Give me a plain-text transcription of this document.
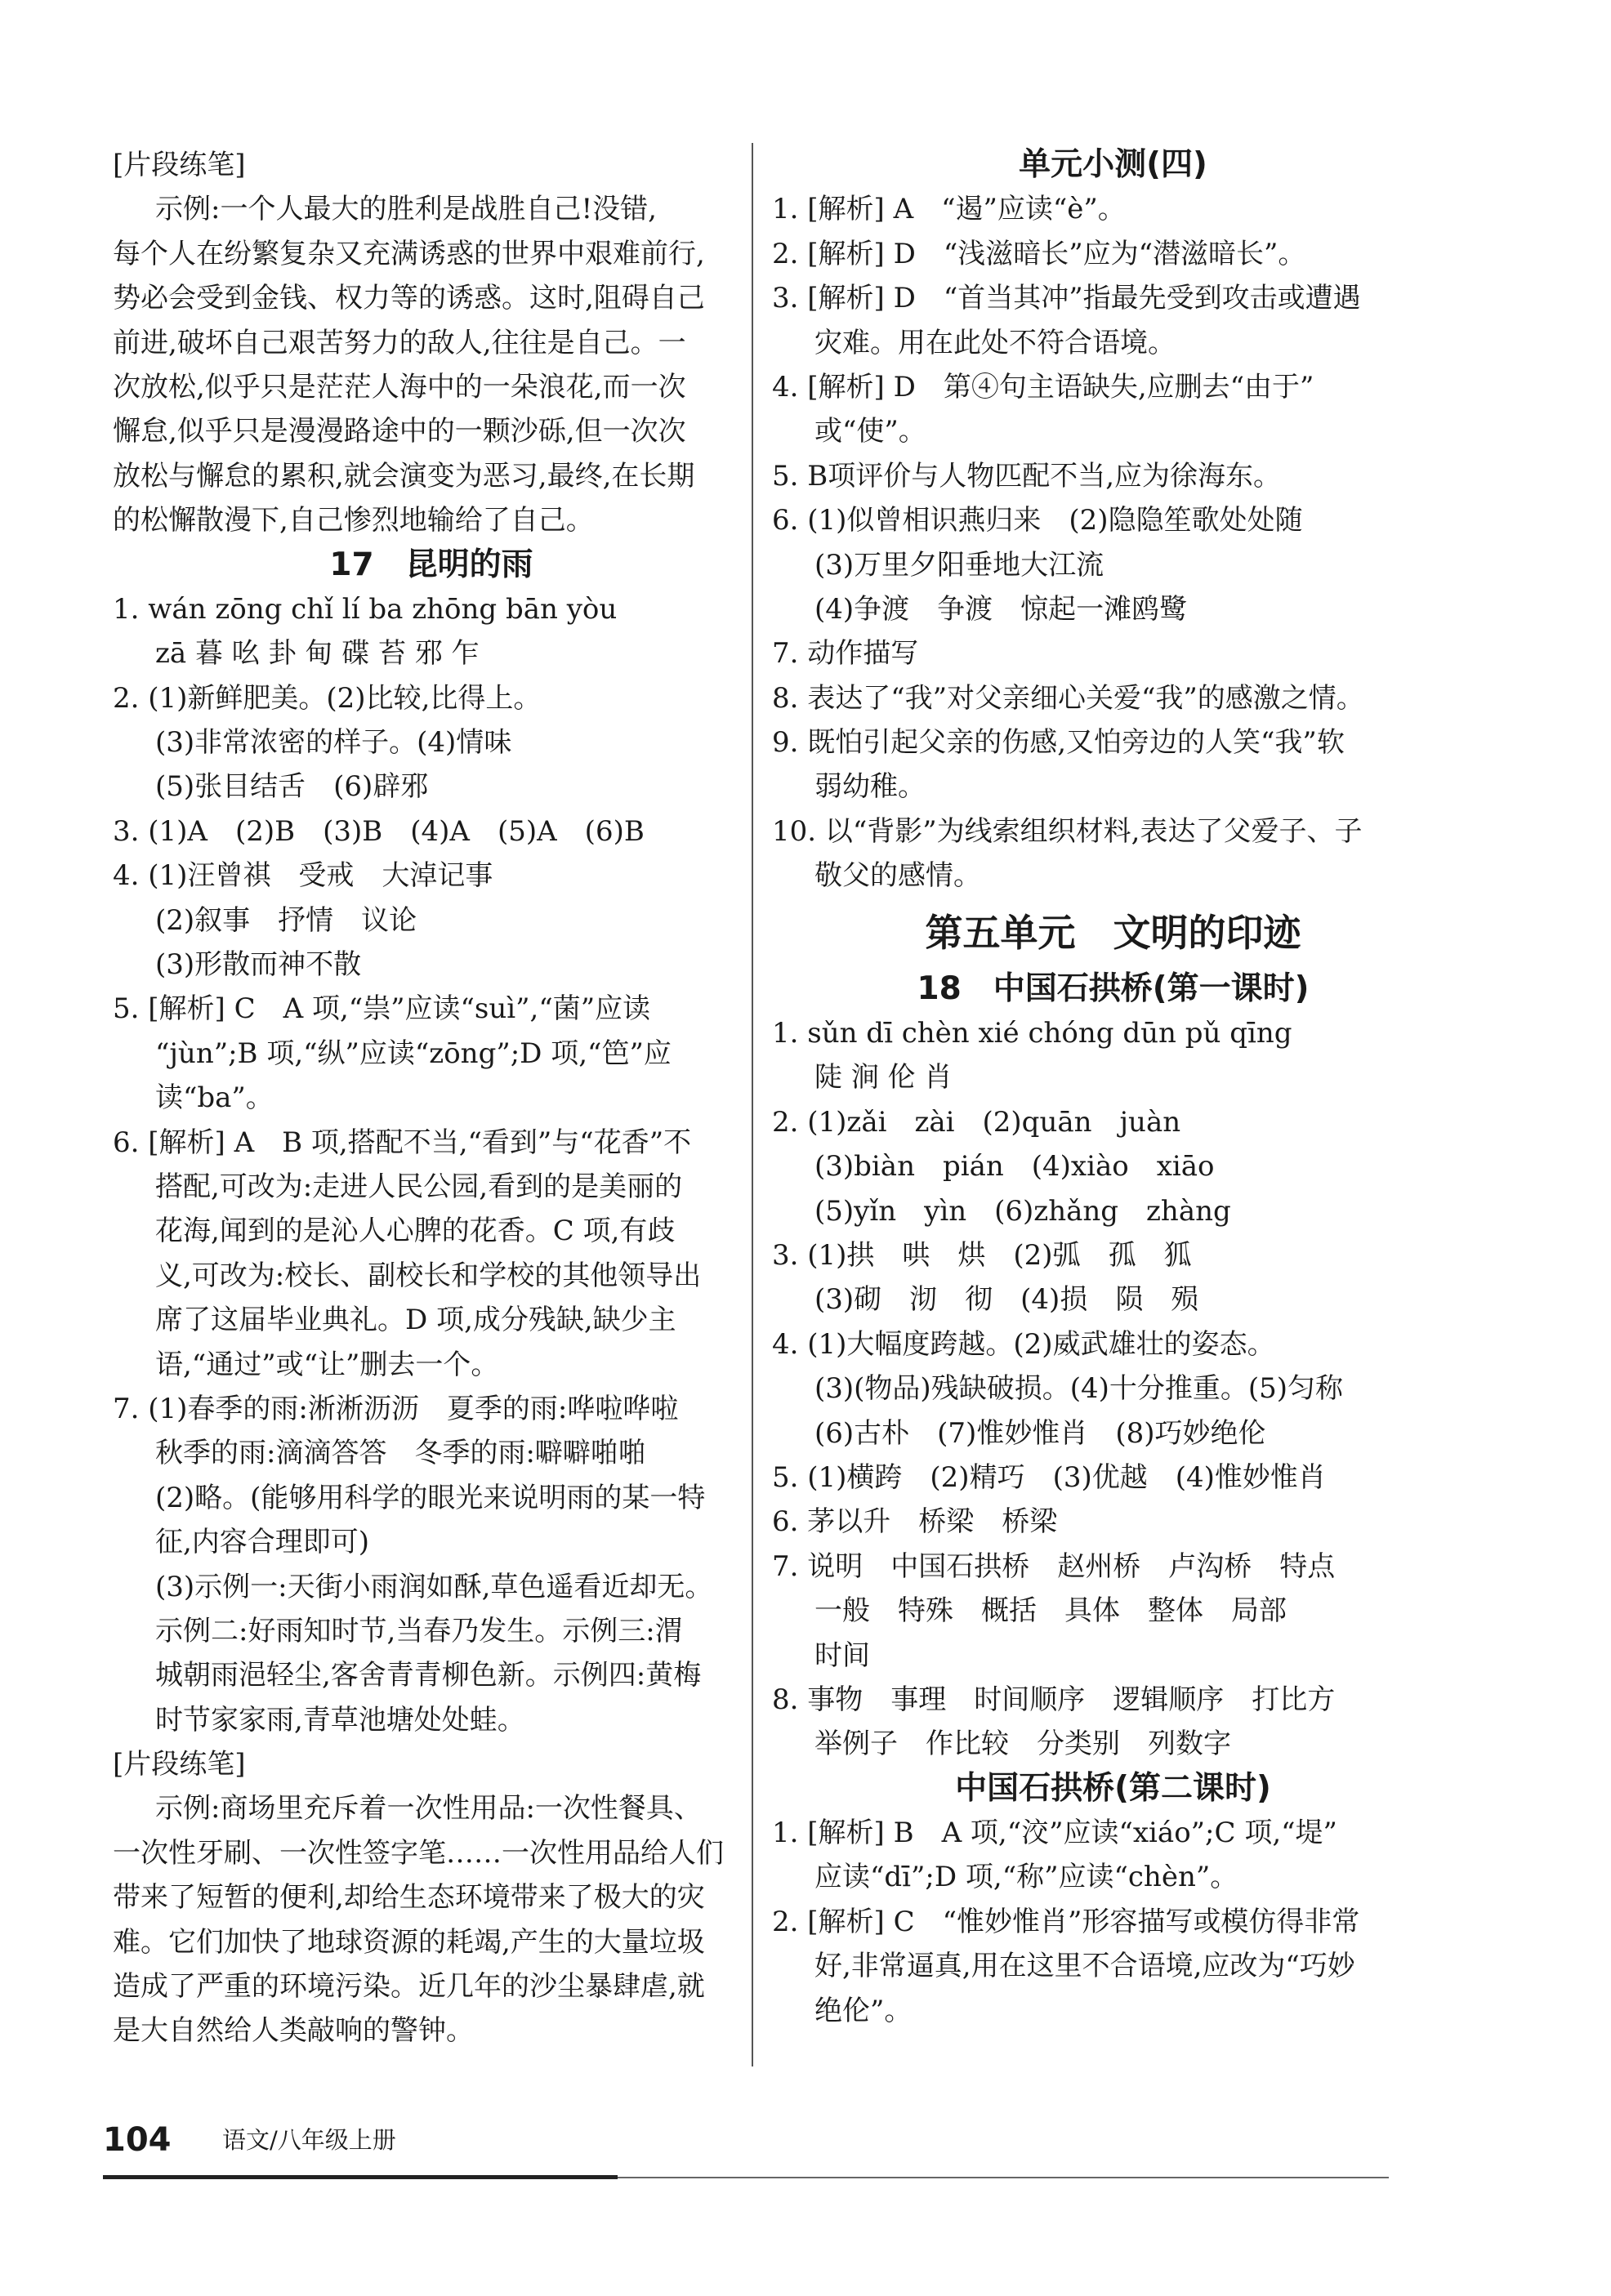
[片段练笔]
示例:一个人最大的胜利是战胜自己!没错,
每个人在纷繁复杂又充满诱惑的世界中艰难前行,
势必会受到金钱、权力等的诱惑。这时,阻碍自己
前进,破坏自己艰苦努力的敌人,往往是自己。一
次放松,似乎只是茫茫人海中的一朵浪花,而一次
懈怠,似乎只是漫漫路途中的一颗沙砾,但一次次
放松与懈怠的累积,就会演变为恶习,最终,在长期
的松懈散漫下,自己惨烈地输给了自己。
17　昆明的雨
1. wán zōng chǐ lí ba zhōng bān yòu
zā 暮 吆 卦 甸 碟 苔 邪 乍
2. (1)新鲜肥美。(2)比较,比得上。
(3)非常浓密的样子。(4)情味
(5)张目结舌　(6)辟邪
3. (1)A　(2)B　(3)B　(4)A　(5)A　(6)B
4. (1)汪曾祺　受戒　大淖记事
(2)叙事　抒情　议论
(3)形散而神不散
5. [解析] C　A 项,“祟”应读“suì”,“菌”应读
“jùn”;B 项,“纵”应读“zōng”;D 项,“笆”应
读“ba”。
6. [解析] A　B 项,搭配不当,“看到”与“花香”不
搭配,可改为:走进人民公园,看到的是美丽的
花海,闻到的是沁人心脾的花香。C 项,有歧
义,可改为:校长、副校长和学校的其他领导出
席了这届毕业典礼。D 项,成分残缺,缺少主
语,“通过”或“让”删去一个。
7. (1)春季的雨:淅淅沥沥　夏季的雨:哗啦哗啦
秋季的雨:滴滴答答　冬季的雨:噼噼啪啪
(2)略。(能够用科学的眼光来说明雨的某一特
征,内容合理即可)
(3)示例一:天街小雨润如酥,草色遥看近却无。
示例二:好雨知时节,当春乃发生。示例三:渭
城朝雨浥轻尘,客舍青青柳色新。示例四:黄梅
时节家家雨,青草池塘处处蛙。
[片段练笔]
示例:商场里充斥着一次性用品:一次性餐具、
一次性牙刷、一次性签字笔……一次性用品给人们
带来了短暂的便利,却给生态环境带来了极大的灾
难。它们加快了地球资源的耗竭,产生的大量垃圾
造成了严重的环境污染。近几年的沙尘暴肆虐,就
是大自然给人类敲响的警钟。
单元小测(四)
1. [解析] A　“遏”应读“è”。
2. [解析] D　“浅滋暗长”应为“潜滋暗长”。
3. [解析] D　“首当其冲”指最先受到攻击或遭遇
灾难。用在此处不符合语境。
4. [解析] D　第④句主语缺失,应删去“由于”
或“使”。
5. B项评价与人物匹配不当,应为徐海东。
6. (1)似曾相识燕归来　(2)隐隐笙歌处处随
(3)万里夕阳垂地大江流
(4)争渡　争渡　惊起一滩鸥鹭
7. 动作描写
8. 表达了“我”对父亲细心关爱“我”的感激之情。
9. 既怕引起父亲的伤感,又怕旁边的人笑“我”软
弱幼稚。
10. 以“背影”为线索组织材料,表达了父爱子、子
敬父的感情。
第五单元　文明的印迹
18　中国石拱桥(第一课时)
1. sǔn dī chèn xié chóng dūn pǔ qīng
陡 涧 伦 肖
2. (1)zǎi　zài　(2)quān　juàn
(3)biàn　pián　(4)xiào　xiāo
(5)yǐn　yìn　(6)zhǎng　zhàng
3. (1)拱　哄　烘　(2)弧　孤　狐
(3)砌　沏　彻　(4)损　陨　殒
4. (1)大幅度跨越。(2)威武雄壮的姿态。
(3)(物品)残缺破损。(4)十分推重。(5)匀称
(6)古朴　(7)惟妙惟肖　(8)巧妙绝伦
5. (1)横跨　(2)精巧　(3)优越　(4)惟妙惟肖
6. 茅以升　桥梁　桥梁
7. 说明　中国石拱桥　赵州桥　卢沟桥　特点
一般　特殊　概括　具体　整体　局部
时间
8. 事物　事理　时间顺序　逻辑顺序　打比方
举例子　作比较　分类别　列数字
中国石拱桥(第二课时)
1. [解析] B　A 项,“洨”应读“xiáo”;C 项,“堤”
应读“dī”;D 项,“称”应读“chèn”。
2. [解析] C　“惟妙惟肖”形容描写或模仿得非常
好,非常逼真,用在这里不合语境,应改为“巧妙
绝伦”。
104 语文/八年级上册
